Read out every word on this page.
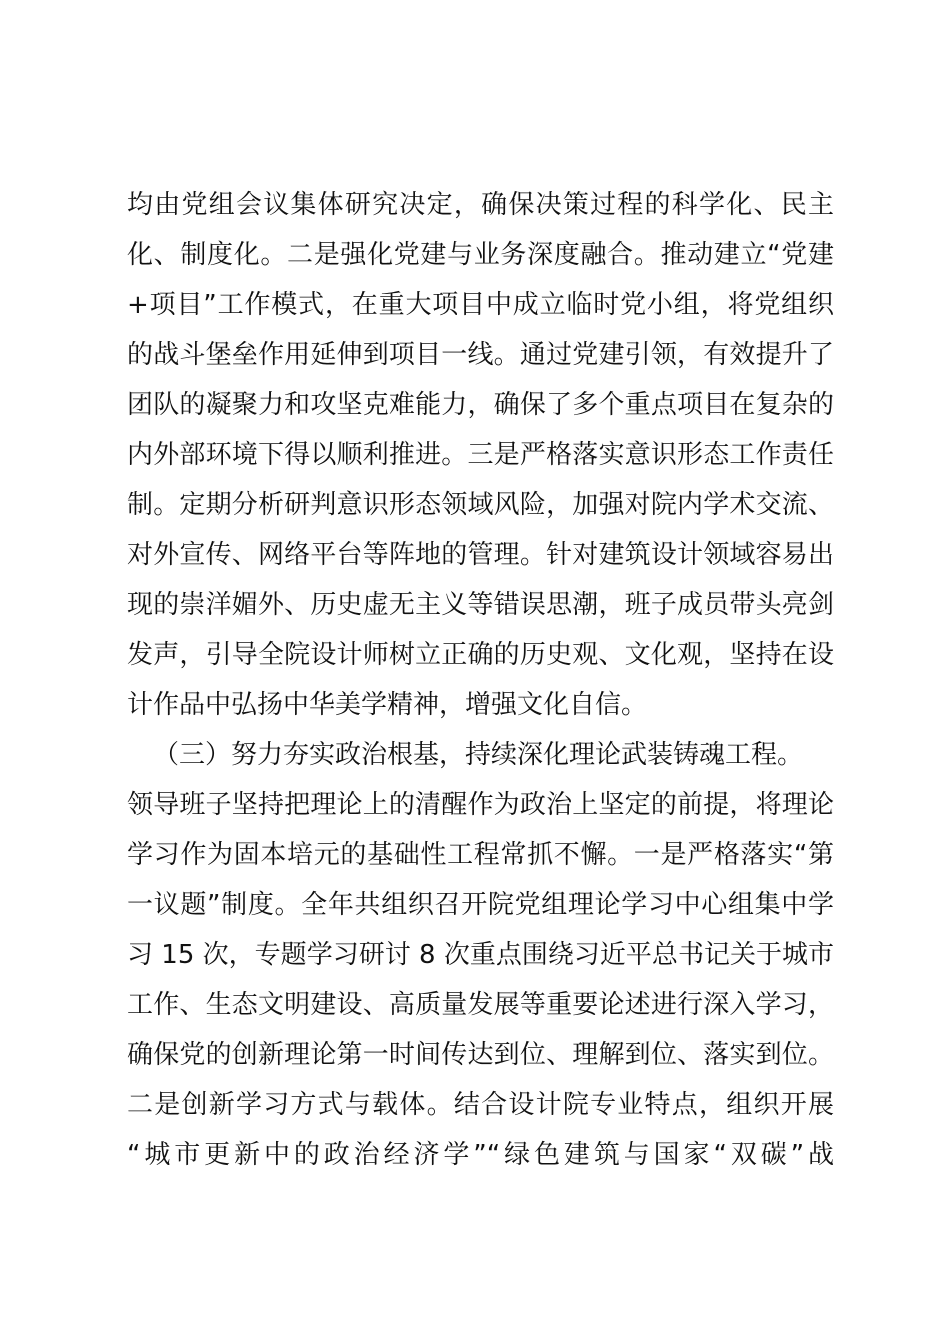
均由党组会议集体研究决定，确保决策过程的科学化、民主
化、制度化。二是强化党建与业务深度融合。推动建立“党建
+项目”工作模式，在重大项目中成立临时党小组，将党组织
的战斗堡垒作用延伸到项目一线。通过党建引领，有效提升了
团队的凝聚力和攻坚克难能力，确保了多个重点项目在复杂的
内外部环境下得以顺利推进。三是严格落实意识形态工作责任
制。定期分析研判意识形态领域风险，加强对院内学术交流、
对外宣传、网络平台等阵地的管理。针对建筑设计领域容易出
现的崇洋媚外、历史虚无主义等错误思潮，班子成员带头亮剑
发声，引导全院设计师树立正确的历史观、文化观，坚持在设
计作品中弘扬中华美学精神，增强文化自信。
（三）努力夯实政治根基，持续深化理论武装铸魂工程。
领导班子坚持把理论上的清醒作为政治上坚定的前提，将理论
学习作为固本培元的基础性工程常抓不懈。一是严格落实“第
一议题”制度。全年共组织召开院党组理论学习中心组集中学
习 15 次，专题学习研讨 8 次重点围绕习近平总书记关于城市
工作、生态文明建设、高质量发展等重要论述进行深入学习，
确保党的创新理论第一时间传达到位、理解到位、落实到位。
二是创新学习方式与载体。结合设计院专业特点，组织开展
“城市更新中的政治经济学”“绿色建筑与国家“双碳”战
